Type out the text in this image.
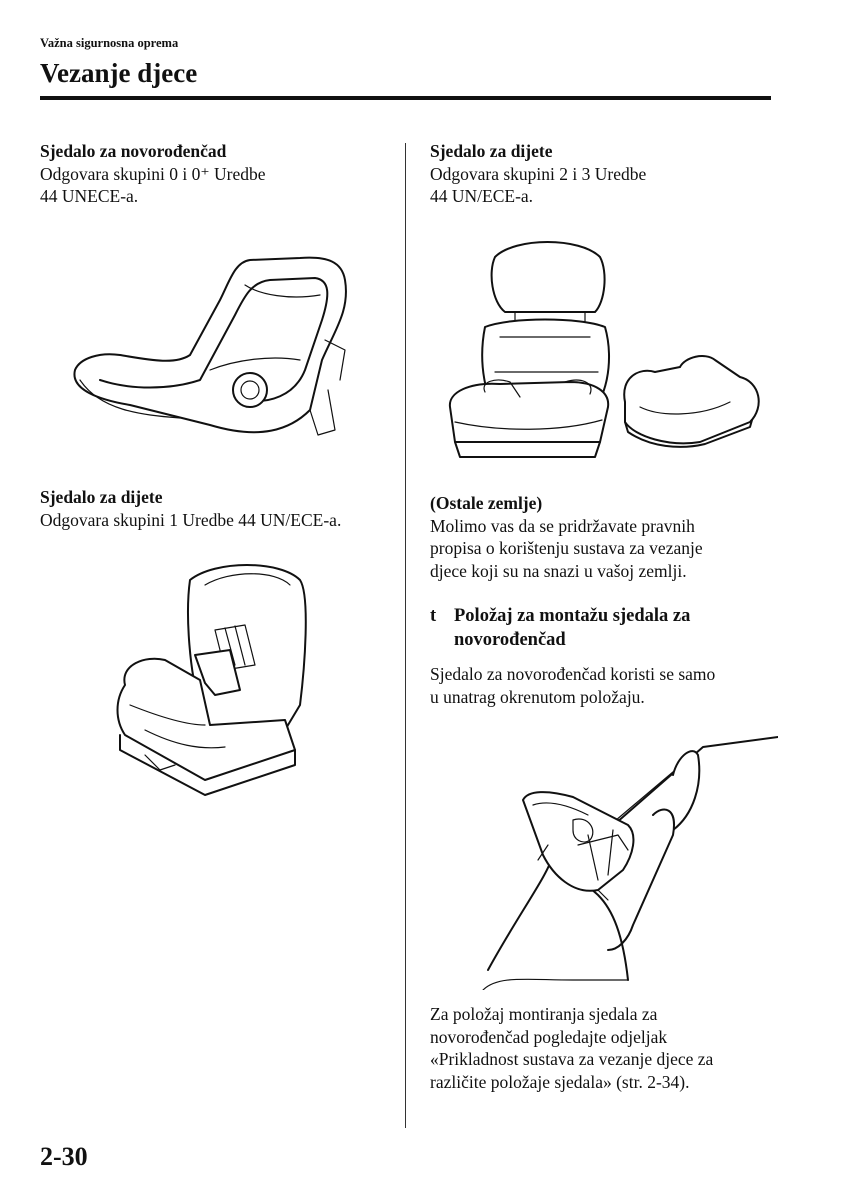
Važna sigurnosna oprema
Vezanje djece
Sjedalo za novorođenčad
Odgovara skupini 0 i 0⁺ Uredbe
44 UNECE-a.
Sjedalo za dijete
Odgovara skupini 1 Uredbe 44 UN/ECE-a.
Sjedalo za dijete
Odgovara skupini 2 i 3 Uredbe
44 UN/ECE-a.
(Ostale zemlje)
Molimo vas da se pridržavate pravnih
propisa o korištenju sustava za vezanje
djece koji su na snazi u vašoj zemlji.
t Položaj za montažu sjedala za
novorođenčad
Sjedalo za novorođenčad koristi se samo
u unatrag okrenutom položaju.
Za položaj montiranja sjedala za
novorođenčad pogledajte odjeljak
«Prikladnost sustava za vezanje djece za
različite položaje sjedala» (str. 2-34).
2-30
